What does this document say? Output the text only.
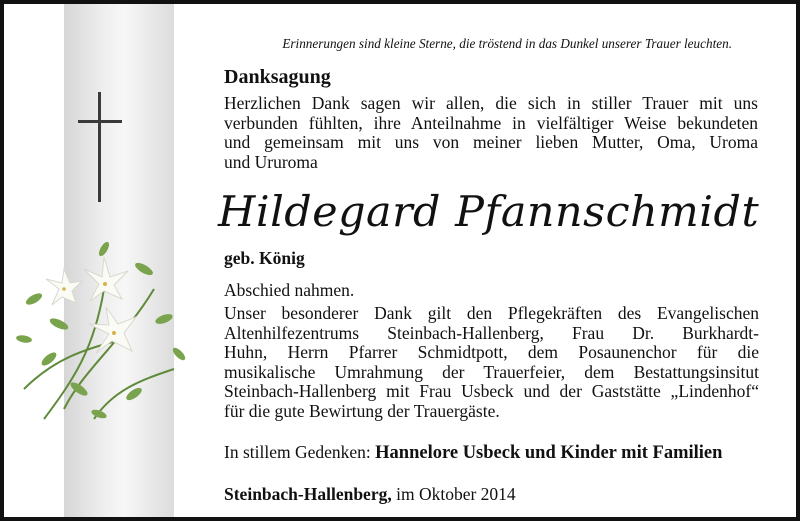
Erinnerungen sind kleine Sterne, die tröstend in das Dunkel unserer Trauer leuchten.
Danksagung
Herzlichen Dank sagen wir allen, die sich in stiller Trauer mit uns
verbunden fühlten, ihre Anteilnahme in vielfältiger Weise bekundeten
und gemeinsam mit uns von meiner lieben Mutter, Oma, Uroma
und Ururoma
Hildegard Pfannschmidt
geb. König
Abschied nahmen.
Unser besonderer Dank gilt den Pflegekräften des Evangelischen
Altenhilfezentrums Steinbach-Hallenberg, Frau Dr. Burkhardt-
Huhn, Herrn Pfarrer Schmidtpott, dem Posaunenchor für die
musikalische Umrahmung der Trauerfeier, dem Bestattungsinsitut
Steinbach-Hallenberg mit Frau Usbeck und der Gaststätte „Lindenhof“
für die gute Bewirtung der Trauergäste.
In stillem Gedenken: Hannelore Usbeck und Kinder mit Familien
Steinbach-Hallenberg, im Oktober 2014
